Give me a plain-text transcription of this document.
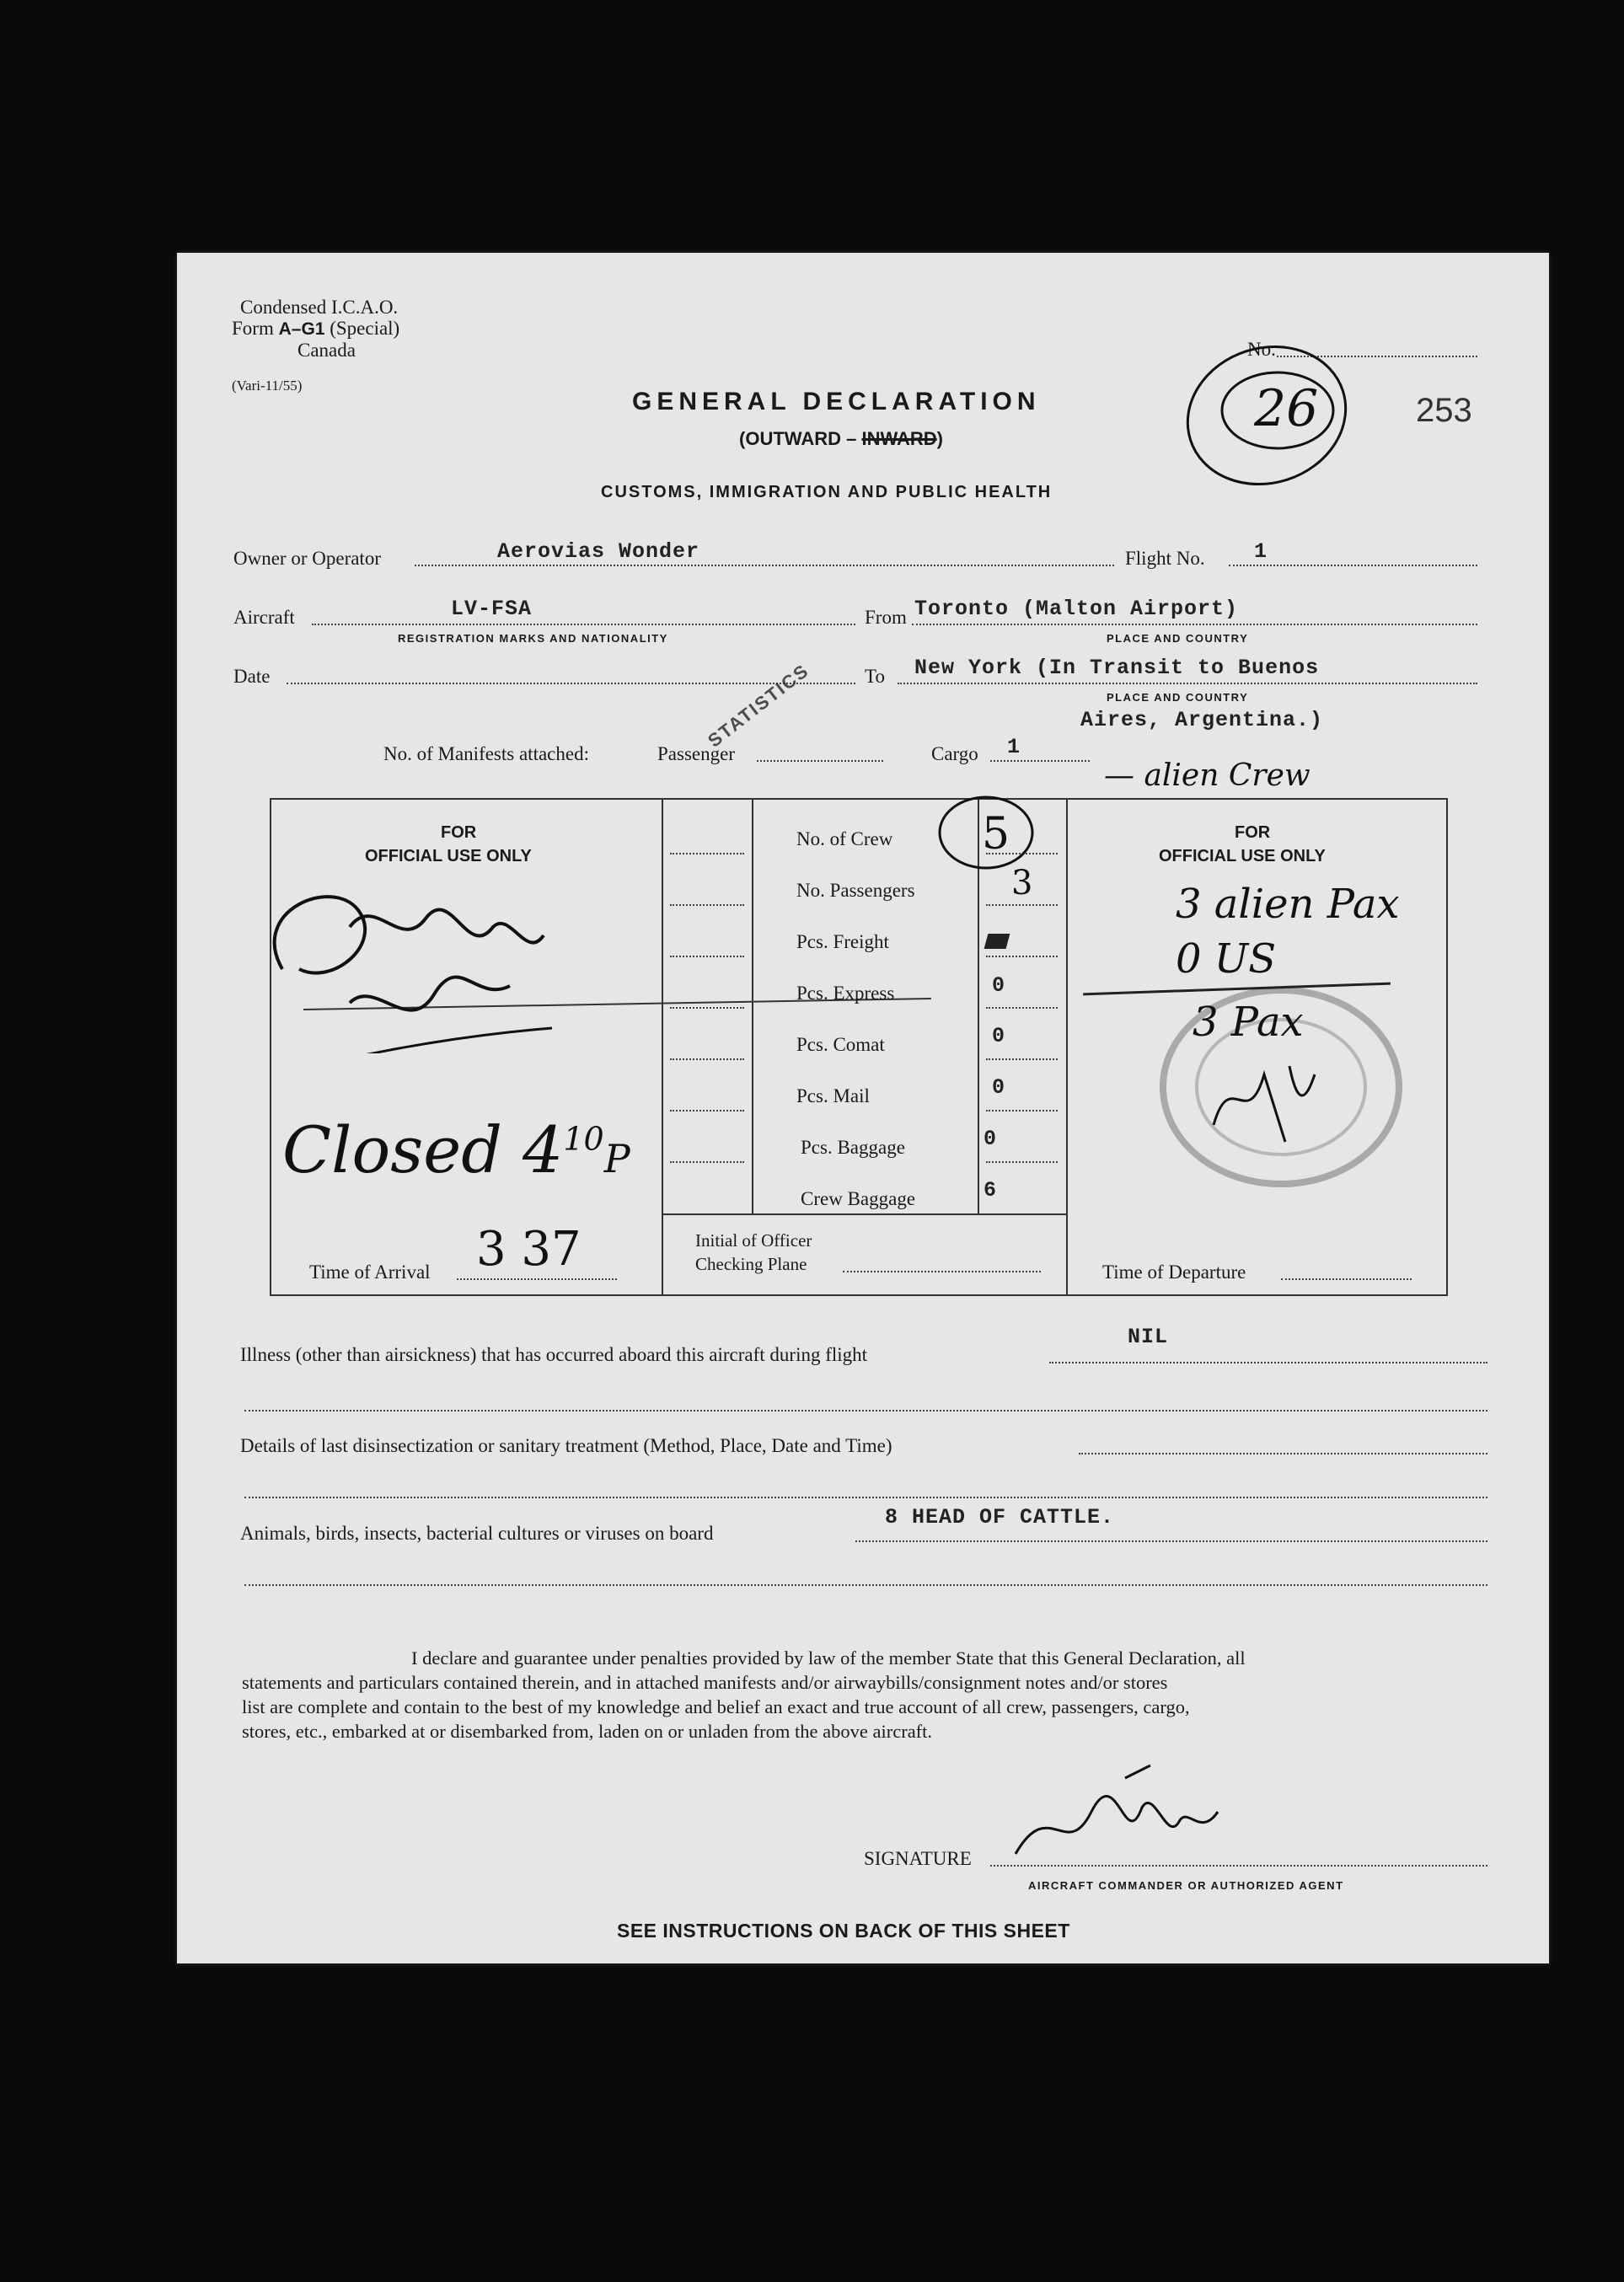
Condensed I.C.A.O.
Form A–G1 (Special)
Canada
(Vari-11/55)
No.
26	253
GENERAL DECLARATION
(OUTWARD – INWARD)
CUSTOMS, IMMIGRATION AND PUBLIC HEALTH
Owner or Operator	Aerovias Wonder	Flight No. 1
Aircraft	LV-FSA
REGISTRATION MARKS AND NATIONALITY
From Toronto (Malton Airport)
PLACE AND COUNTRY
Date	To New York (In Transit to Buenos
PLACE AND COUNTRY
Aires, Argentina.)
No. of Manifests attached:	Passenger	Cargo 1
STATISTICS
— alien Crew
FOR
OFFICIAL USE ONLY
FOR
OFFICIAL USE ONLY
No. of Crew 5
No. Passengers	3
Pcs. Freight
Pcs. Express	0
Pcs. Comat	0
Pcs. Mail	0
Pcs. Baggage	0
Crew Baggage	6
Closed $4^{10}P$
Time of Arrival 3 37	Initial of Officer
Checking Plane
3 alien Pax
0 US
3 Pax
Time of Departure
Illness (other than airsickness) that has occurred aboard this aircraft during flight
NIL
Details of last disinsectization or sanitary treatment (Method, Place, Date and Time)
Animals, birds, insects, bacterial cultures or viruses on board
8 HEAD OF CATTLE.
I declare and guarantee under penalties provided by law of the member State that this General Declaration, all
statements and particulars contained therein, and in attached manifests and/or airwaybills/consignment notes and/or stores
list are complete and contain to the best of my knowledge and belief an exact and true account of all crew, passengers, cargo,
stores, etc., embarked at or disembarked from, laden on or unladen from the above aircraft.
SIGNATURE
AIRCRAFT COMMANDER OR AUTHORIZED AGENT
SEE INSTRUCTIONS ON BACK OF THIS SHEET
